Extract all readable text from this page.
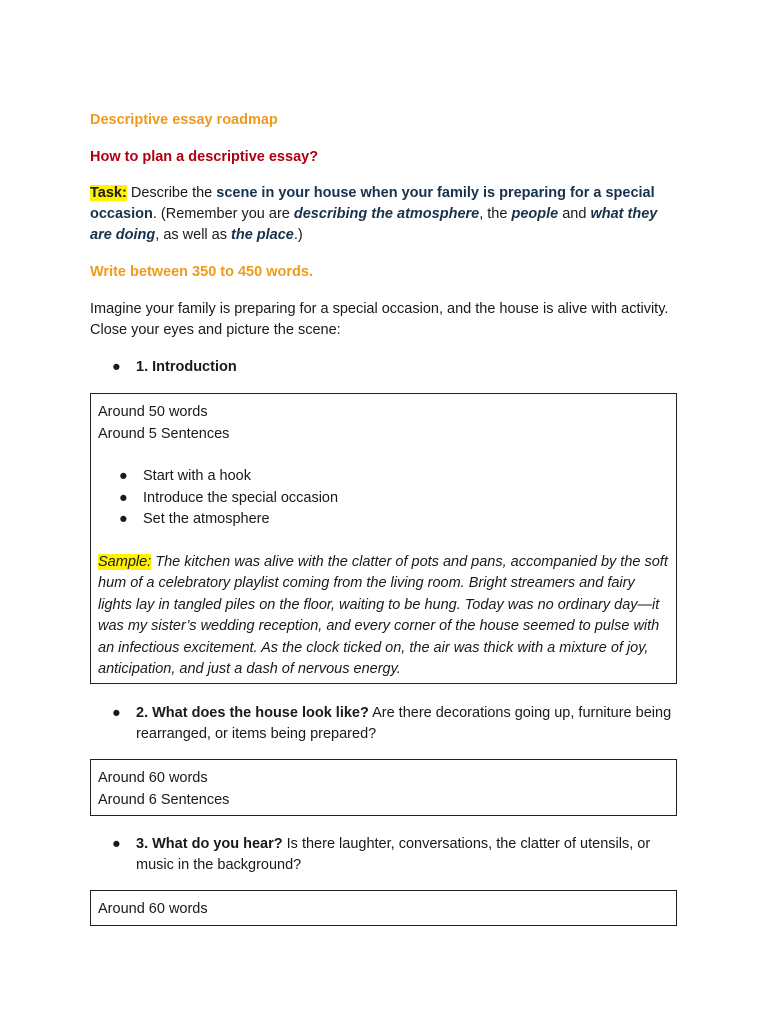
Descriptive essay roadmap

How to plan a descriptive essay?

Task: Describe the scene in your house when your family is preparing for a special occasion. (Remember you are describing the atmosphere, the people and what they are doing, as well as the place.)

Write between 350 to 450 words.

Imagine your family is preparing for a special occasion, and the house is alive with activity. Close your eyes and picture the scene:

● 1. Introduction
Around 50 words
Around 5 Sentences
● Start with a hook
● Introduce the special occasion
● Set the atmosphere
Sample: The kitchen was alive with the clatter of pots and pans, accompanied by the soft hum of a celebratory playlist coming from the living room. Bright streamers and fairy lights lay in tangled piles on the floor, waiting to be hung. Today was no ordinary day—it was my sister’s wedding reception, and every corner of the house seemed to pulse with an infectious excitement. As the clock ticked on, the air was thick with a mixture of joy, anticipation, and just a dash of nervous energy.
● 2. What does the house look like? Are there decorations going up, furniture being rearranged, or items being prepared?
Around 60 words
Around 6 Sentences
● 3. What do you hear? Is there laughter, conversations, the clatter of utensils, or music in the background?
Around 60 words
